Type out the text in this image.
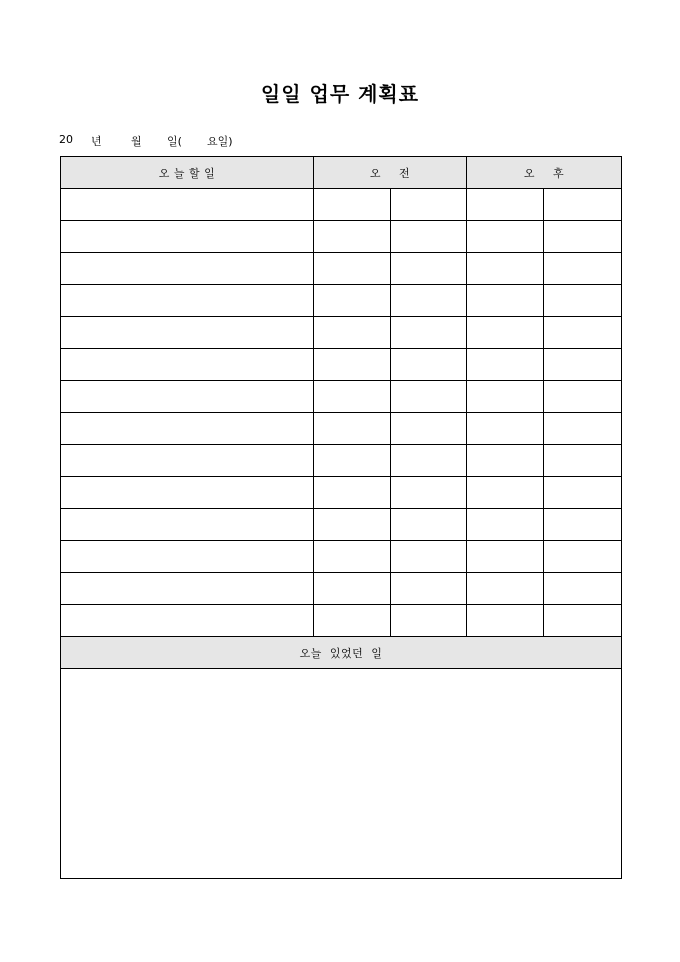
일일 업무 계획표
20 년	월 일( 요일)
오 늘 할 일	오 전		오 후	

오늘 있었던 일				
